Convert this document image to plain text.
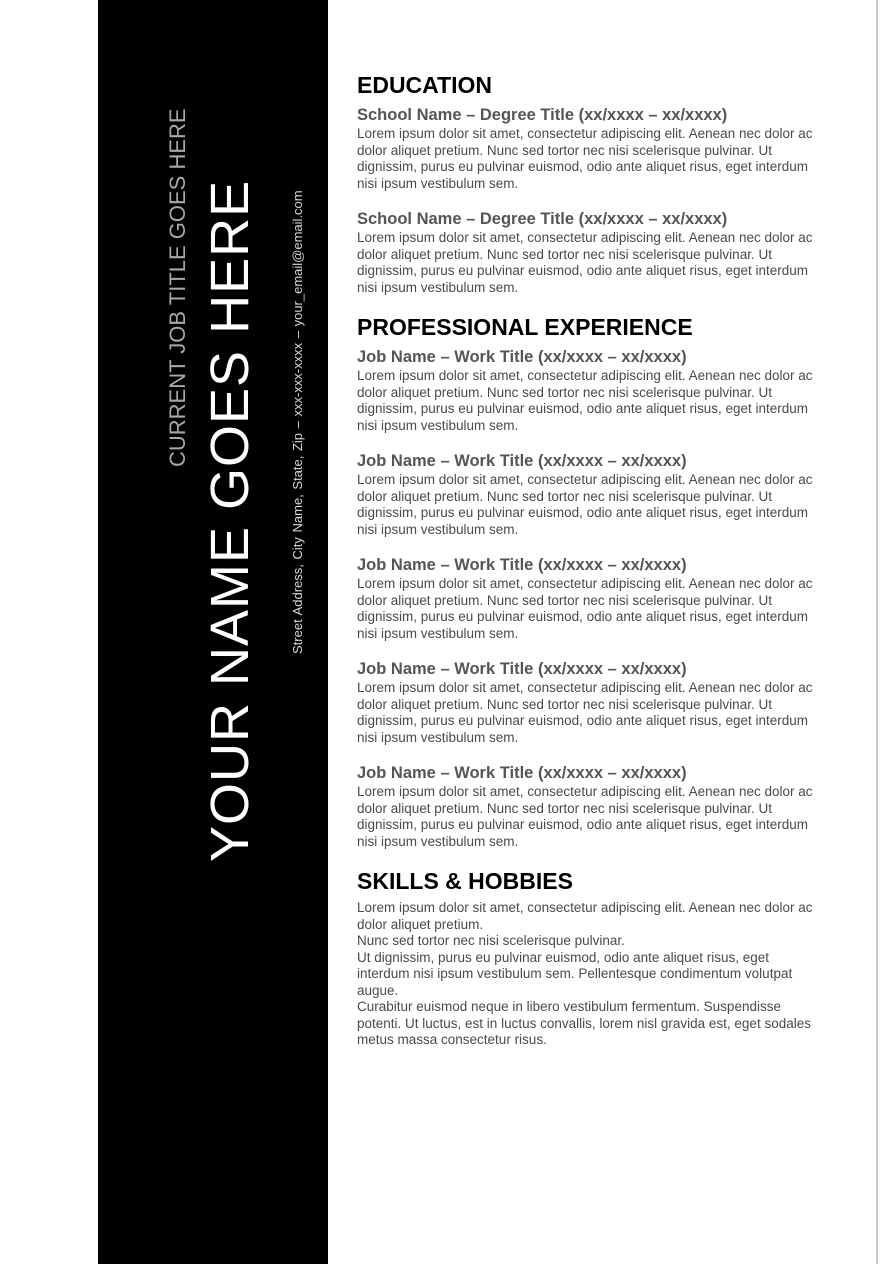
YOUR NAME GOES HERE
CURRENT JOB TITLE GOES HERE	Street Address, City Name, State, Zip – xxx-xxx-xxxx – your_email@email.com
EDUCATION

School Name – Degree Title (xx/xxxx – xx/xxxx)

Lorem ipsum dolor sit amet, consectetur adipiscing elit. Aenean nec dolor ac
dolor aliquet pretium. Nunc sed tortor nec nisi scelerisque pulvinar. Ut
dignissim, purus eu pulvinar euismod, odio ante aliquet risus, eget interdum
nisi ipsum vestibulum sem.

School Name – Degree Title (xx/xxxx – xx/xxxx)

Lorem ipsum dolor sit amet, consectetur adipiscing elit. Aenean nec dolor ac
dolor aliquet pretium. Nunc sed tortor nec nisi scelerisque pulvinar. Ut
dignissim, purus eu pulvinar euismod, odio ante aliquet risus, eget interdum
nisi ipsum vestibulum sem.

PROFESSIONAL EXPERIENCE

Job Name – Work Title (xx/xxxx – xx/xxxx)

Lorem ipsum dolor sit amet, consectetur adipiscing elit. Aenean nec dolor ac
dolor aliquet pretium. Nunc sed tortor nec nisi scelerisque pulvinar. Ut
dignissim, purus eu pulvinar euismod, odio ante aliquet risus, eget interdum
nisi ipsum vestibulum sem.

Job Name – Work Title (xx/xxxx – xx/xxxx)

Lorem ipsum dolor sit amet, consectetur adipiscing elit. Aenean nec dolor ac
dolor aliquet pretium. Nunc sed tortor nec nisi scelerisque pulvinar. Ut
dignissim, purus eu pulvinar euismod, odio ante aliquet risus, eget interdum
nisi ipsum vestibulum sem.

Job Name – Work Title (xx/xxxx – xx/xxxx)

Lorem ipsum dolor sit amet, consectetur adipiscing elit. Aenean nec dolor ac
dolor aliquet pretium. Nunc sed tortor nec nisi scelerisque pulvinar. Ut
dignissim, purus eu pulvinar euismod, odio ante aliquet risus, eget interdum
nisi ipsum vestibulum sem.

Job Name – Work Title (xx/xxxx – xx/xxxx)

Lorem ipsum dolor sit amet, consectetur adipiscing elit. Aenean nec dolor ac
dolor aliquet pretium. Nunc sed tortor nec nisi scelerisque pulvinar. Ut
dignissim, purus eu pulvinar euismod, odio ante aliquet risus, eget interdum
nisi ipsum vestibulum sem.

Job Name – Work Title (xx/xxxx – xx/xxxx)

Lorem ipsum dolor sit amet, consectetur adipiscing elit. Aenean nec dolor ac
dolor aliquet pretium. Nunc sed tortor nec nisi scelerisque pulvinar. Ut
dignissim, purus eu pulvinar euismod, odio ante aliquet risus, eget interdum
nisi ipsum vestibulum sem.

SKILLS & HOBBIES

Lorem ipsum dolor sit amet, consectetur adipiscing elit. Aenean nec dolor ac
dolor aliquet pretium.
Nunc sed tortor nec nisi scelerisque pulvinar.
Ut dignissim, purus eu pulvinar euismod, odio ante aliquet risus, eget
interdum nisi ipsum vestibulum sem. Pellentesque condimentum volutpat
augue.
Curabitur euismod neque in libero vestibulum fermentum. Suspendisse
potenti. Ut luctus, est in luctus convallis, lorem nisl gravida est, eget sodales
metus massa consectetur risus.
